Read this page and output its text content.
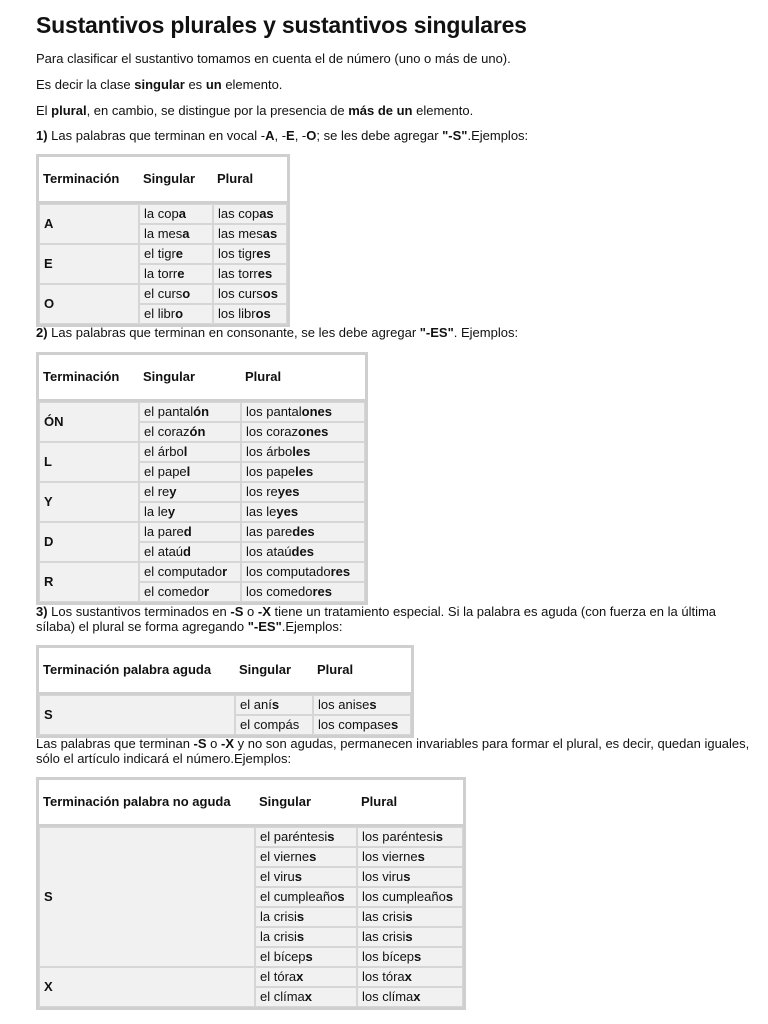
Sustantivos plurales y sustantivos singulares

Para clasificar el sustantivo tomamos en cuenta el de número (uno o más de uno).

Es decir la clase singular es un elemento.

El plural, en cambio, se distingue por la presencia de más de un elemento.

1) Las palabras que terminan en vocal -A, -E, -O; se les debe agregar "-S".Ejemplos:

Terminación	Singular	Plural
A	la copa	las copas
	la mesa	las mesas
E	el tigre	los tigres
	la torre	las torres
O	el curso	los cursos
	el libro	los libros

2) Las palabras que terminan en consonante, se les debe agregar "-ES". Ejemplos:

Terminación	Singular	Plural
ÓN	el pantalón	los pantalones
	el corazón	los corazones
L	el árbol	los árboles
	el papel	los papeles
Y	el rey	los reyes
	la ley	las leyes
D	la pared	las paredes
	el ataúd	los ataúdes
R	el computador	los computadores
	el comedor	los comedores

3) Los sustantivos terminados en -S o -X tiene un tratamiento especial. Si la palabra es aguda (con fuerza en la última sílaba) el plural se forma agregando "-ES".Ejemplos:

Terminación palabra aguda	Singular	Plural
S	el anís	los anises
	el compás	los compases

Las palabras que terminan -S o -X y no son agudas, permanecen invariables para formar el plural, es decir, quedan iguales, sólo el artículo indicará el número.Ejemplos:

Terminación palabra no aguda	Singular	Plural
S	el paréntesis	los paréntesis
	el viernes	los viernes
	el virus	los virus
	el cumpleaños	los cumpleaños
	la crisis	las crisis
	la crisis	las crisis
	el bíceps	los bíceps
X	el tórax	los tórax
	el clímax	los clímax
